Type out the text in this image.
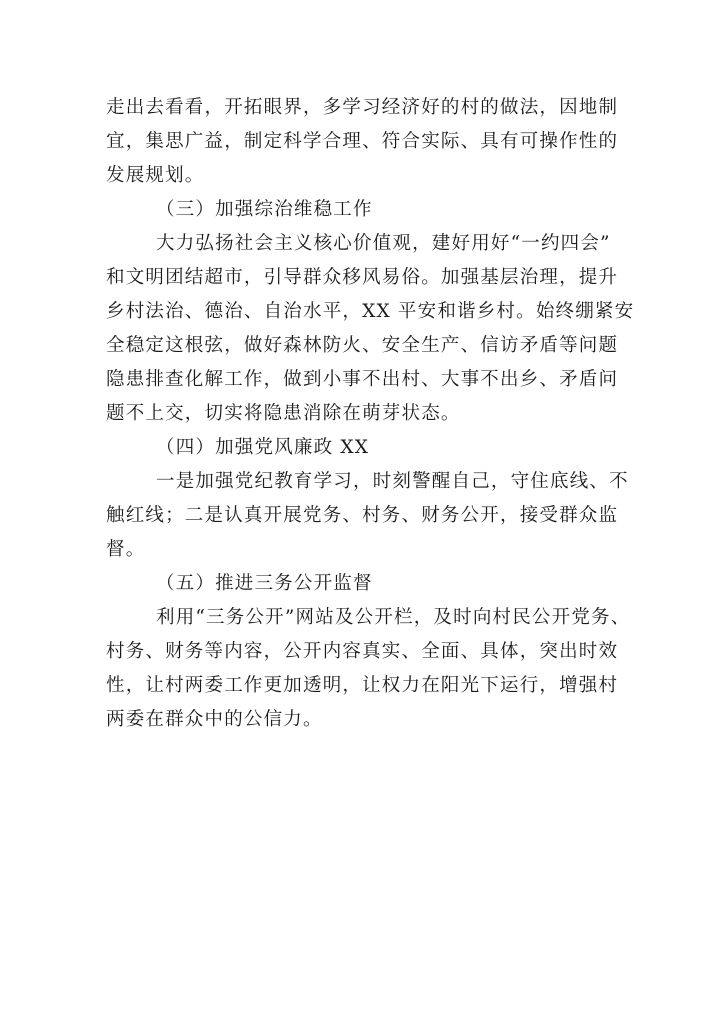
走出去看看，开拓眼界，多学习经济好的村的做法，因地制
宜，集思广益，制定科学合理、符合实际、具有可操作性的
发展规划。
（三）加强综治维稳工作
大力弘扬社会主义核心价值观，建好用好“一约四会”
和文明团结超市，引导群众移风易俗。加强基层治理，提升
乡村法治、德治、自治水平，XX 平安和谐乡村。始终绷紧安
全稳定这根弦，做好森林防火、安全生产、信访矛盾等问题
隐患排查化解工作，做到小事不出村、大事不出乡、矛盾问
题不上交，切实将隐患消除在萌芽状态。
（四）加强党风廉政 XX
一是加强党纪教育学习，时刻警醒自己，守住底线、不
触红线；二是认真开展党务、村务、财务公开，接受群众监
督。
（五）推进三务公开监督
利用“三务公开”网站及公开栏，及时向村民公开党务、
村务、财务等内容，公开内容真实、全面、具体，突出时效
性，让村两委工作更加透明，让权力在阳光下运行，增强村
两委在群众中的公信力。
